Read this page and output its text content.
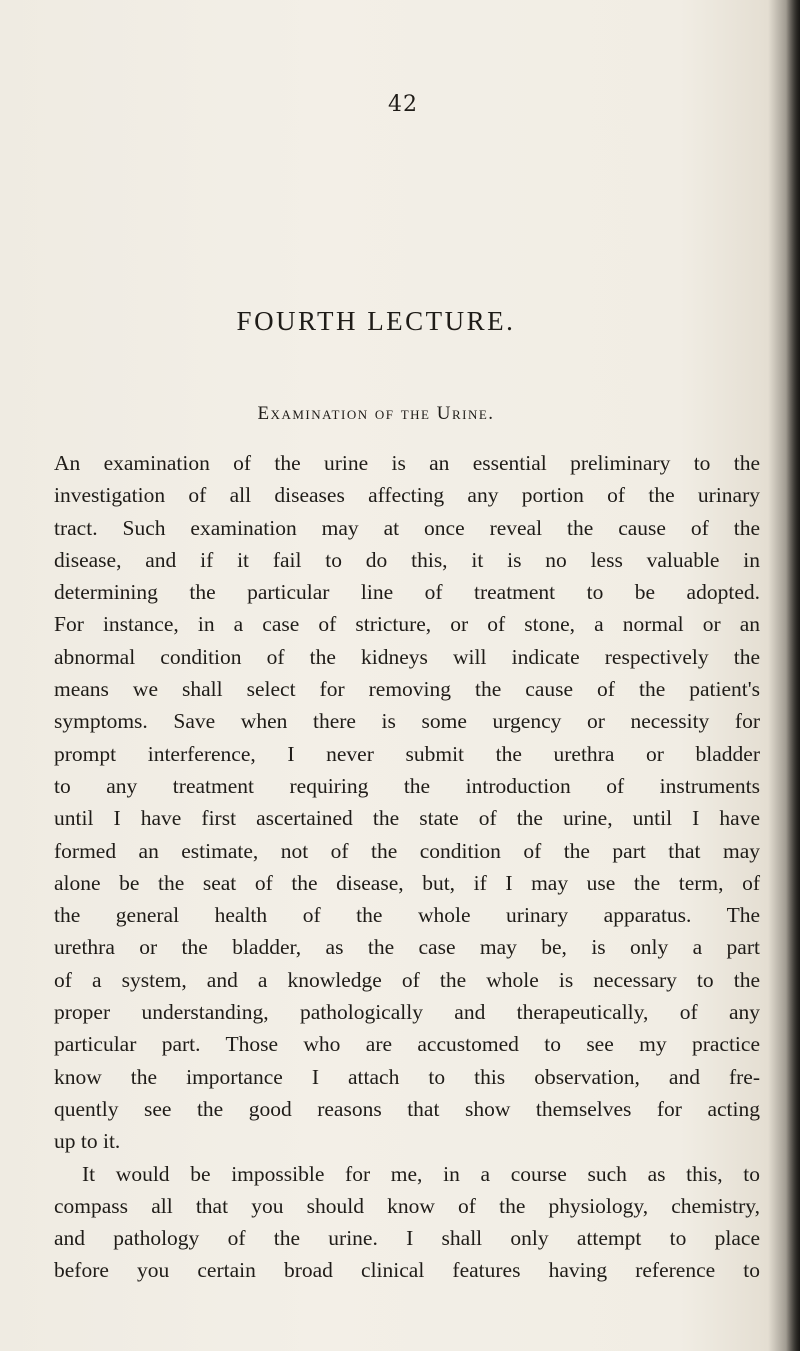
42
FOURTH LECTURE.
Examination of the Urine.
An examination of the urine is an essential preliminary to the
investigation of all diseases affecting any portion of the urinary
tract. Such examination may at once reveal the cause of the
disease, and if it fail to do this, it is no less valuable in
determining the particular line of treatment to be adopted.
For instance, in a case of stricture, or of stone, a normal or an
abnormal condition of the kidneys will indicate respectively the
means we shall select for removing the cause of the patient's
symptoms. Save when there is some urgency or necessity for
prompt interference, I never submit the urethra or bladder
to any treatment requiring the introduction of instruments
until I have first ascertained the state of the urine, until I have
formed an estimate, not of the condition of the part that may
alone be the seat of the disease, but, if I may use the term, of
the general health of the whole urinary apparatus. The
urethra or the bladder, as the case may be, is only a part
of a system, and a knowledge of the whole is necessary to the
proper understanding, pathologically and therapeutically, of any
particular part. Those who are accustomed to see my practice
know the importance I attach to this observation, and fre-
quently see the good reasons that show themselves for acting
up to it.
It would be impossible for me, in a course such as this, to
compass all that you should know of the physiology, chemistry,
and pathology of the urine. I shall only attempt to place
before you certain broad clinical features having reference to
